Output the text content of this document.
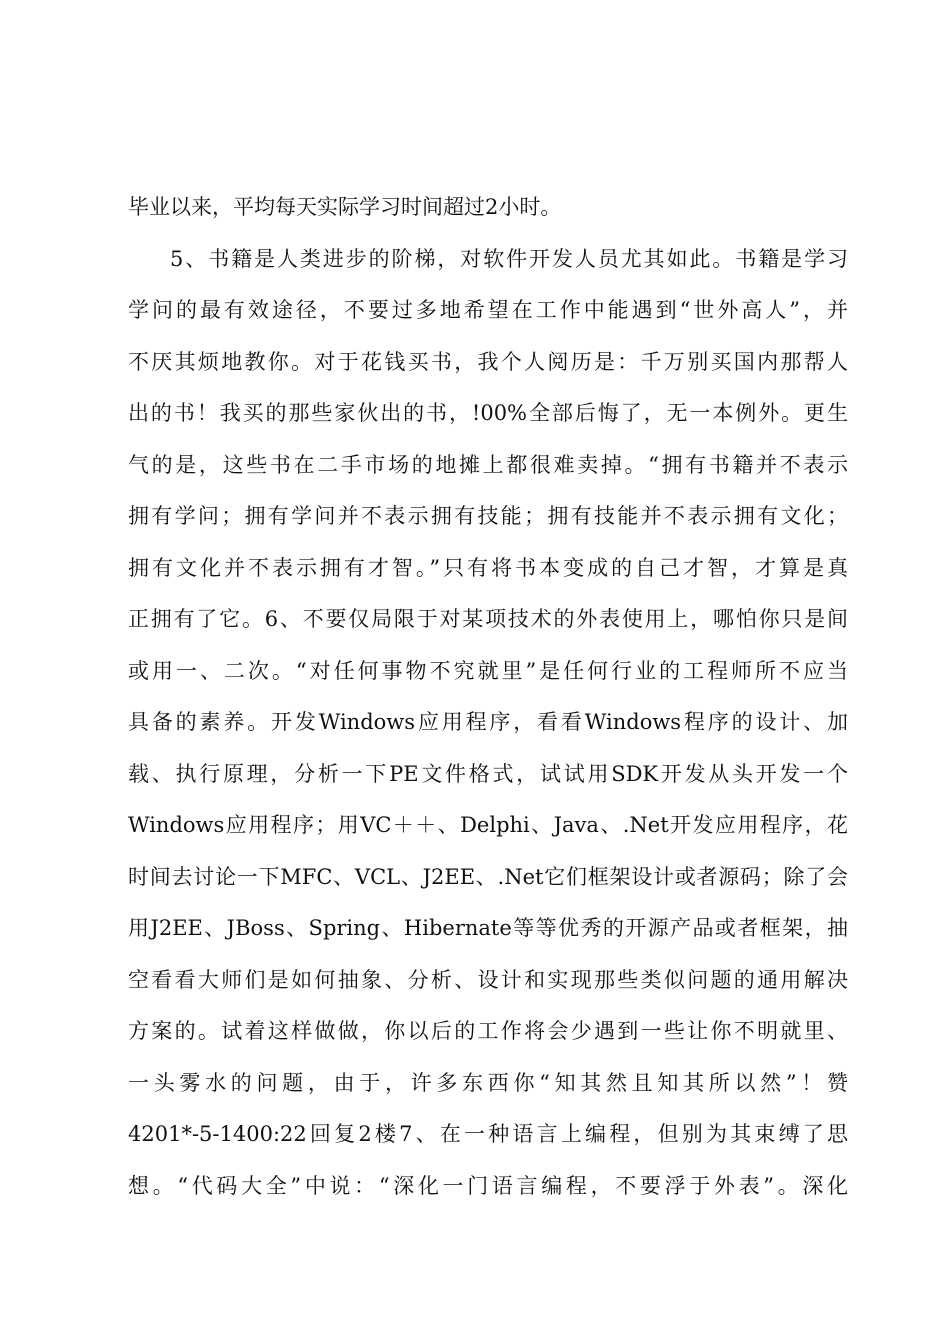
毕业以来，平均每天实际学习时间超过2小时。
5、书籍是人类进步的阶梯，对软件开发人员尤其如此。书籍是学习
学问的最有效途径，不要过多地希望在工作中能遇到“世外高人”，并
不厌其烦地教你。对于花钱买书，我个人阅历是：千万别买国内那帮人
出的书！我买的那些家伙出的书，!00%全部后悔了，无一本例外。更生
气的是，这些书在二手市场的地摊上都很难卖掉。“拥有书籍并不表示
拥有学问；拥有学问并不表示拥有技能；拥有技能并不表示拥有文化；
拥有文化并不表示拥有才智。”只有将书本变成的自己才智，才算是真
正拥有了它。6、不要仅局限于对某项技术的外表使用上，哪怕你只是间
或用一、二次。“对任何事物不究就里”是任何行业的工程师所不应当
具备的素养。开发Windows应用程序，看看Windows程序的设计、加
载、执行原理，分析一下PE文件格式，试试用SDK开发从头开发一个
Windows应用程序；用VC＋＋、Delphi、Java、.Net开发应用程序，花
时间去讨论一下MFC、VCL、J2EE、.Net它们框架设计或者源码；除了会
用J2EE、JBoss、Spring、Hibernate等等优秀的开源产品或者框架，抽
空看看大师们是如何抽象、分析、设计和实现那些类似问题的通用解决
方案的。试着这样做做，你以后的工作将会少遇到一些让你不明就里、
一头雾水的问题，由于，许多东西你“知其然且知其所以然”！赞
4201*-5-1400:22回复2楼7、在一种语言上编程，但别为其束缚了思
想。“代码大全”中说：“深化一门语言编程，不要浮于外表”。深化
